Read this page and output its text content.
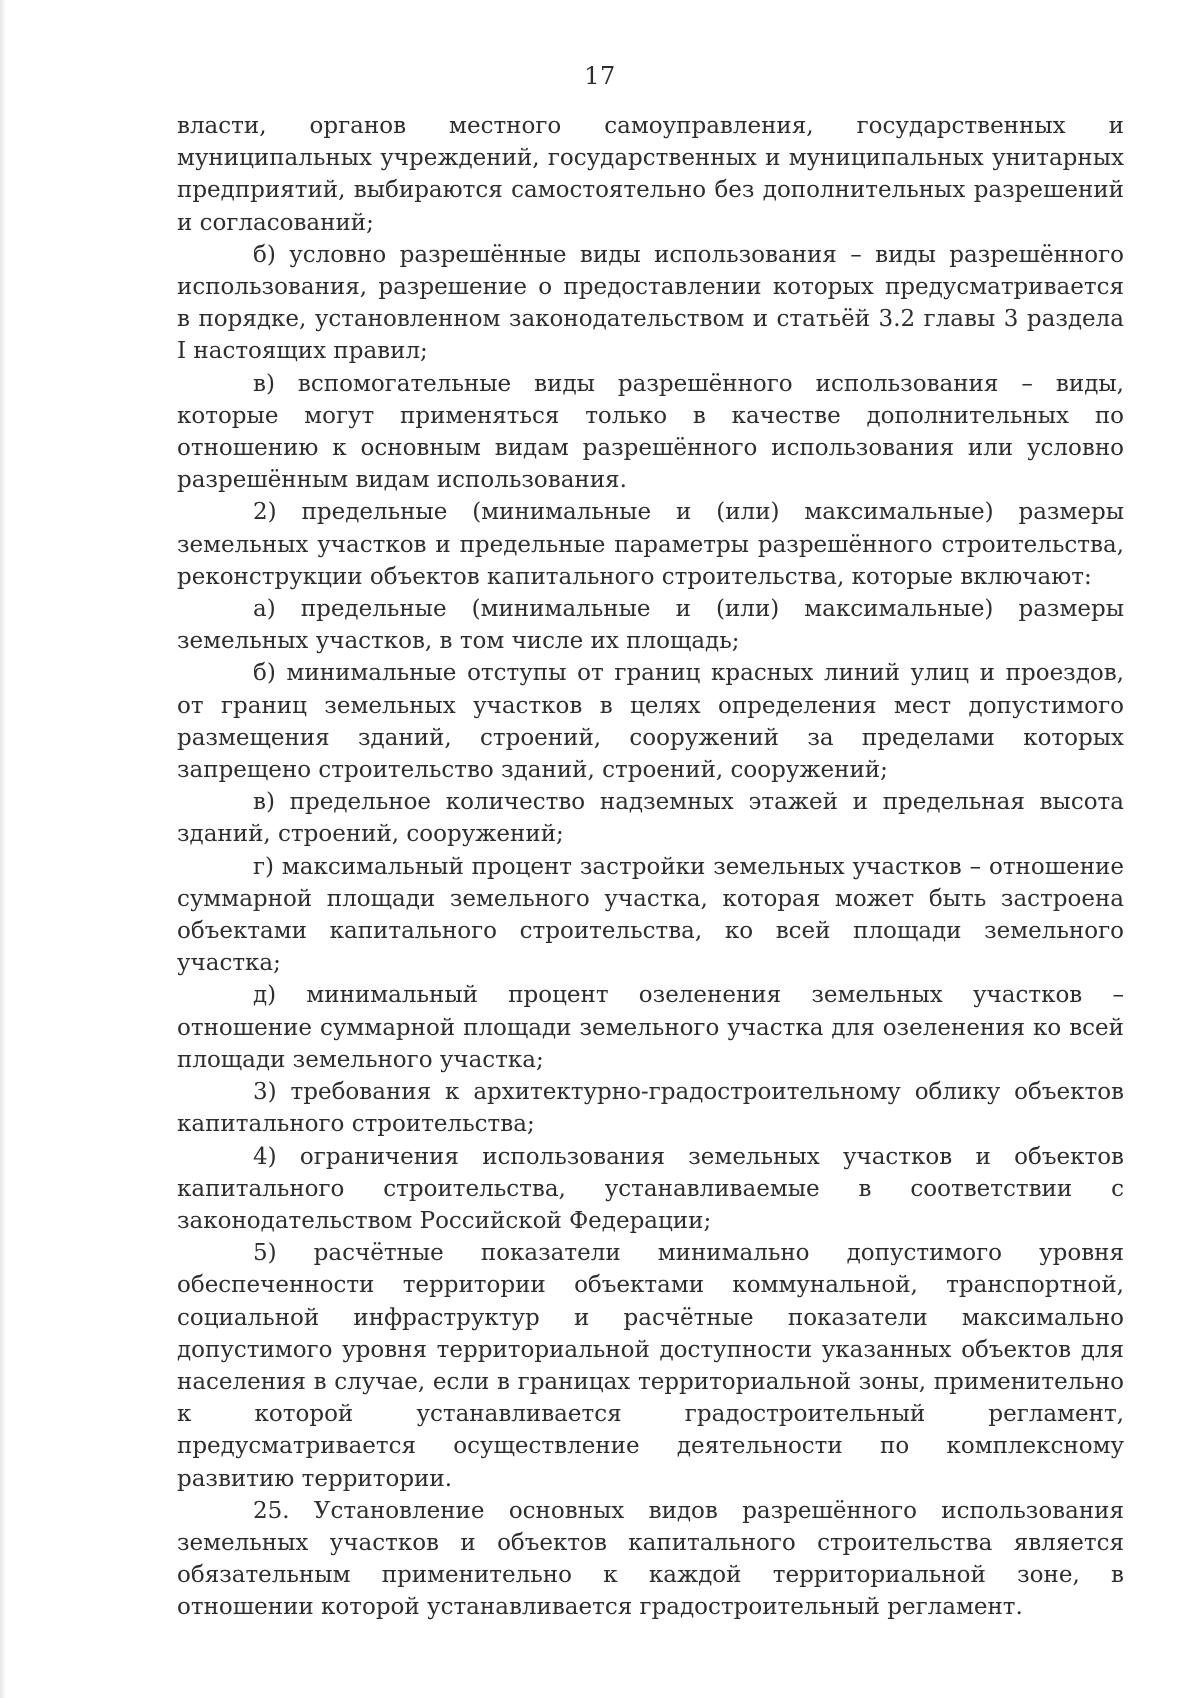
17

власти, органов местного самоуправления, государственных и муниципальных учреждений, государственных и муниципальных унитарных предприятий, выбираются самостоятельно без дополнительных разрешений и согласований;

б) условно разрешённые виды использования – виды разрешённого использования, разрешение о предоставлении которых предусматривается в порядке, установленном законодательством и статьёй 3.2 главы 3 раздела I настоящих правил;

в) вспомогательные виды разрешённого использования – виды, которые могут применяться только в качестве дополнительных по отношению к основным видам разрешённого использования или условно разрешённым видам использования.

2) предельные (минимальные и (или) максимальные) размеры земельных участков и предельные параметры разрешённого строительства, реконструкции объектов капитального строительства, которые включают:

а) предельные (минимальные и (или) максимальные) размеры земельных участков, в том числе их площадь;

б) минимальные отступы от границ красных линий улиц и проездов, от границ земельных участков в целях определения мест допустимого размещения зданий, строений, сооружений за пределами которых запрещено строительство зданий, строений, сооружений;

в) предельное количество надземных этажей и предельная высота зданий, строений, сооружений;

г) максимальный процент застройки земельных участков – отношение суммарной площади земельного участка, которая может быть застроена объектами капитального строительства, ко всей площади земельного участка;

д) минимальный процент озеленения земельных участков – отношение суммарной площади земельного участка для озеленения ко всей площади земельного участка;

3) требования к архитектурно-градостроительному облику объектов капитального строительства;

4) ограничения использования земельных участков и объектов капитального строительства, устанавливаемые в соответствии с законодательством Российской Федерации;

5) расчётные показатели минимально допустимого уровня обеспеченности территории объектами коммунальной, транспортной, социальной инфраструктур и расчётные показатели максимально допустимого уровня территориальной доступности указанных объектов для населения в случае, если в границах территориальной зоны, применительно к которой устанавливается градостроительный регламент, предусматривается осуществление деятельности по комплексному развитию территории.

25. Установление основных видов разрешённого использования земельных участков и объектов капитального строительства является обязательным применительно к каждой территориальной зоне, в отношении которой устанавливается градостроительный регламент.
